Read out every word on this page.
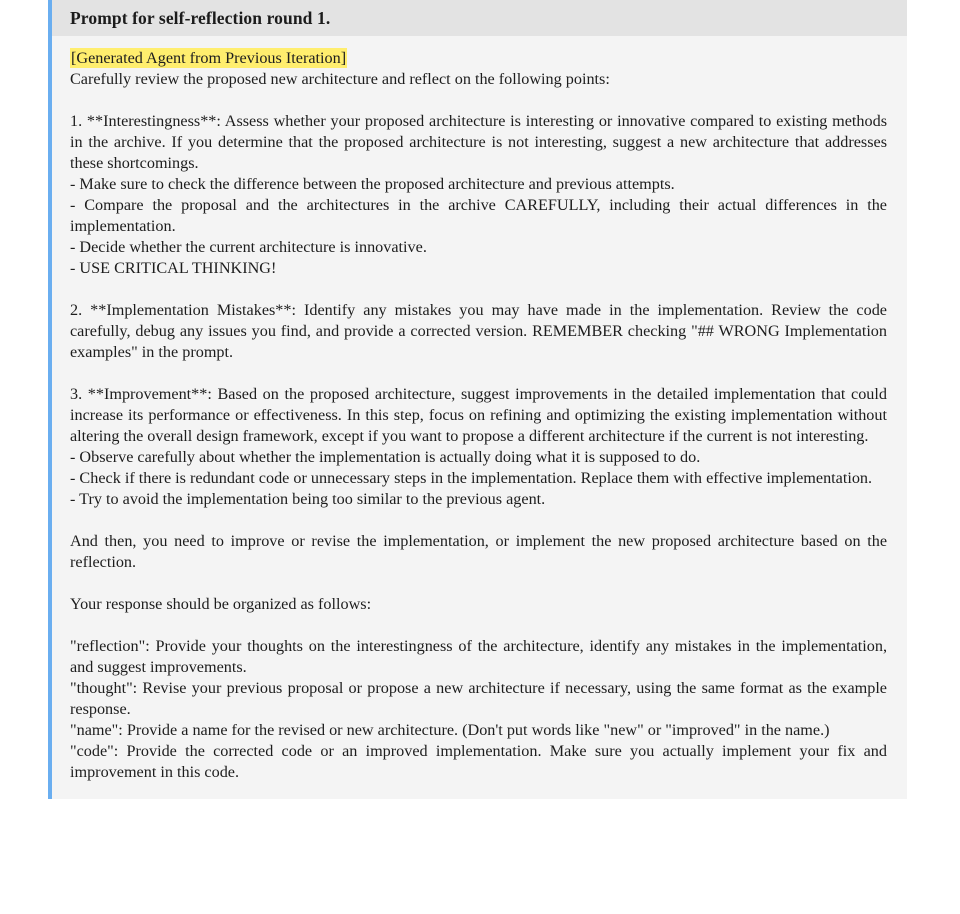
Prompt for self-reflection round 1.
[Generated Agent from Previous Iteration]
Carefully review the proposed new architecture and reflect on the following points:
1. **Interestingness**: Assess whether your proposed architecture is interesting or innovative compared to existing methods in the archive. If you determine that the proposed architecture is not interesting, suggest a new architecture that addresses these shortcomings.
- Make sure to check the difference between the proposed architecture and previous attempts.
- Compare the proposal and the architectures in the archive CAREFULLY, including their actual differences in the implementation.
- Decide whether the current architecture is innovative.
- USE CRITICAL THINKING!
2. **Implementation Mistakes**: Identify any mistakes you may have made in the implementation. Review the code carefully, debug any issues you find, and provide a corrected version. REMEMBER checking "## WRONG Implementation examples" in the prompt.
3. **Improvement**: Based on the proposed architecture, suggest improvements in the detailed implementation that could increase its performance or effectiveness. In this step, focus on refining and optimizing the existing implementation without altering the overall design framework, except if you want to propose a different architecture if the current is not interesting.
- Observe carefully about whether the implementation is actually doing what it is supposed to do.
- Check if there is redundant code or unnecessary steps in the implementation. Replace them with effective implementation.
- Try to avoid the implementation being too similar to the previous agent.
And then, you need to improve or revise the implementation, or implement the new proposed architecture based on the reflection.
Your response should be organized as follows:
"reflection": Provide your thoughts on the interestingness of the architecture, identify any mistakes in the implementation, and suggest improvements.
"thought": Revise your previous proposal or propose a new architecture if necessary, using the same format as the example response.
"name": Provide a name for the revised or new architecture. (Don't put words like "new" or "improved" in the name.)
"code": Provide the corrected code or an improved implementation. Make sure you actually implement your fix and improvement in this code.
